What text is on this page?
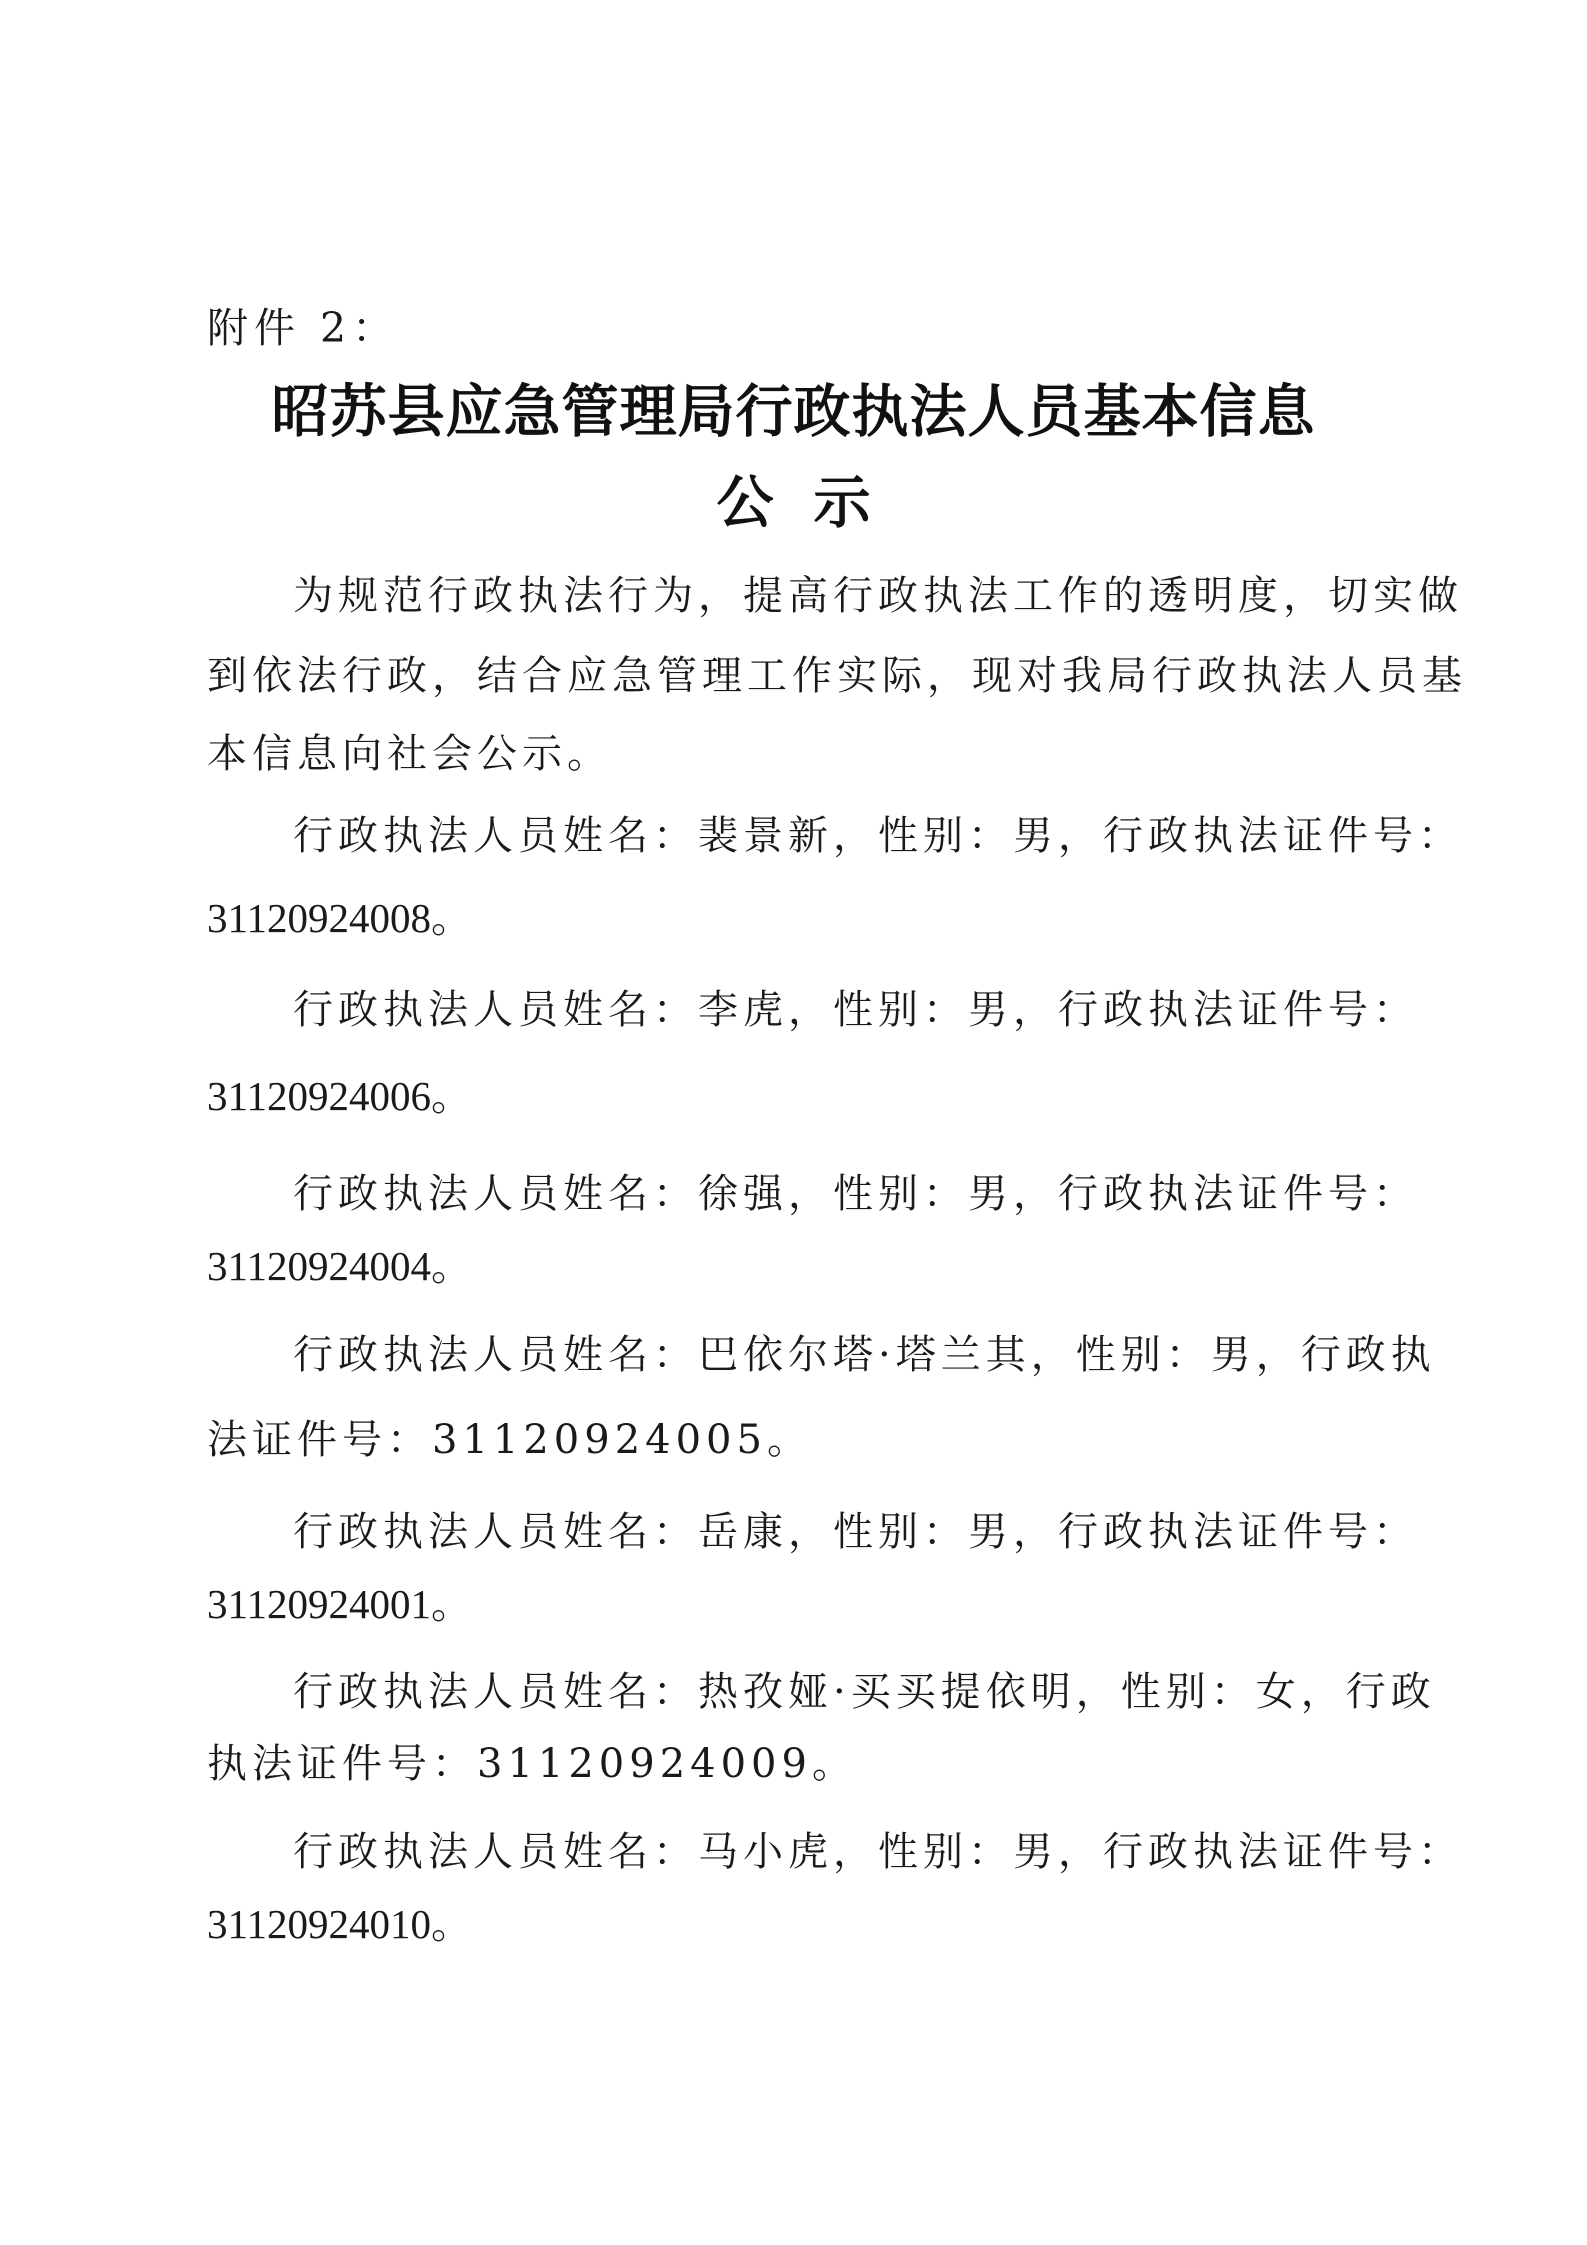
附件 2：
昭苏县应急管理局行政执法人员基本信息
公示
为规范行政执法行为，提高行政执法工作的透明度，切实做
到依法行政，结合应急管理工作实际，现对我局行政执法人员基
本信息向社会公示。
行政执法人员姓名：裴景新，性别：男，行政执法证件号：
31120924008。
行政执法人员姓名：李虎，性别：男，行政执法证件号：
31120924006。
行政执法人员姓名：徐强，性别：男，行政执法证件号：
31120924004。
行政执法人员姓名：巴依尔塔·塔兰其，性别：男，行政执
法证件号：31120924005。
行政执法人员姓名：岳康，性别：男，行政执法证件号：
31120924001。
行政执法人员姓名：热孜娅·买买提依明，性别：女，行政
执法证件号：31120924009。
行政执法人员姓名：马小虎，性别：男，行政执法证件号：
31120924010。
